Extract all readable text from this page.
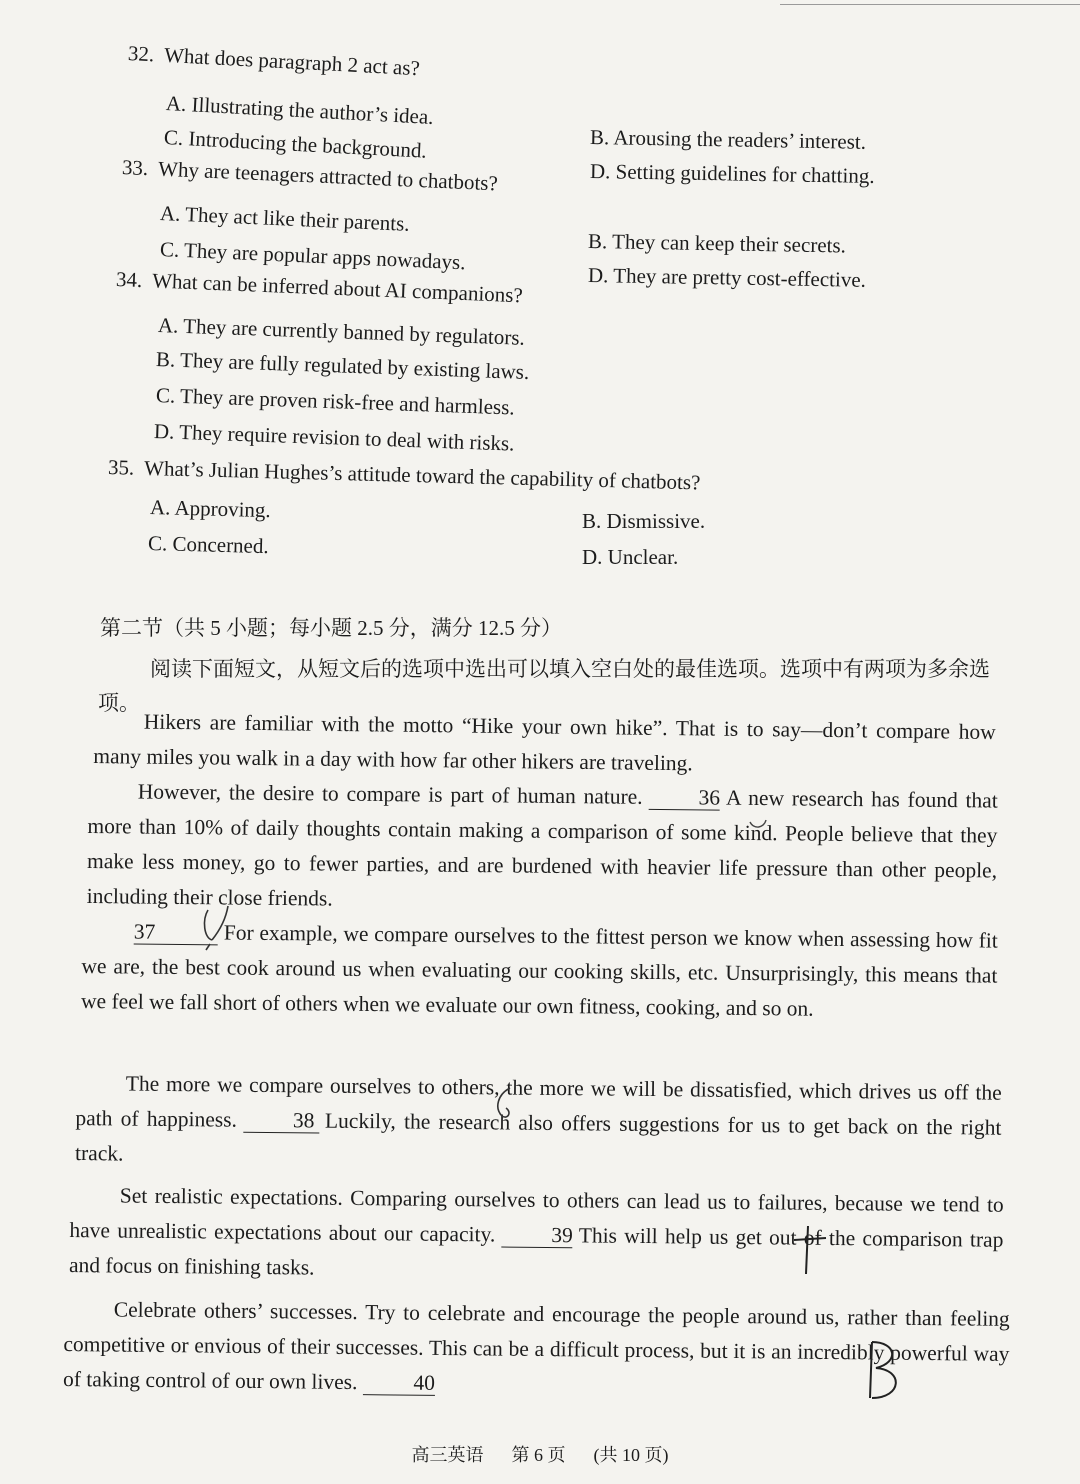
32. What does paragraph 2 act as?
A. Illustrating the author’s idea.
B. Arousing the readers’ interest.
C. Introducing the background.
D. Setting guidelines for chatting.
33. Why are teenagers attracted to chatbots?
A. They act like their parents.
B. They can keep their secrets.
C. They are popular apps nowadays.
D. They are pretty cost-effective.
34. What can be inferred about AI companions?
A. They are currently banned by regulators.
B. They are fully regulated by existing laws.
C. They are proven risk-free and harmless.
D. They require revision to deal with risks.
35. What’s Julian Hughes’s attitude toward the capability of chatbots?
A. Approving.	B. Dismissive.
C. Concerned.	D. Unclear.
第二节（共 5 小题；每小题 2.5 分，满分 12.5 分）
阅读下面短文，从短文后的选项中选出可以填入空白处的最佳选项。选项中有两项为多余选项。
Hikers are familiar with the motto “Hike your own hike”. That is to say—don’t compare how many miles you walk in a day with how far other hikers are traveling.
However, the desire to compare is part of human nature.	36 A new research has found that more than 10% of daily thoughts contain making a comparison of some kind. People believe that they make less money, go to fewer parties, and are burdened with heavier life pressure than other people, including their close friends.
37	For example, we compare ourselves to the fittest person we know when assessing how fit we are, the best cook around us when evaluating our cooking skills, etc. Unsurprisingly, this means that we feel we fall short of others when we evaluate our own fitness, cooking, and so on.
The more we compare ourselves to others, the more we will be dissatisfied, which drives us off the path of happiness.	38 Luckily, the research also offers suggestions for us to get back on the right track.
Set realistic expectations. Comparing ourselves to others can lead us to failures, because we tend to have unrealistic expectations about our capacity.	39 This will help us get out of the comparison trap and focus on finishing tasks.
Celebrate others’ successes. Try to celebrate and encourage the people around us, rather than feeling competitive or envious of their successes. This can be a difficult process, but it is an incredibly powerful way of taking control of our own lives.	40
高三英语 第 6 页 (共 10 页)
